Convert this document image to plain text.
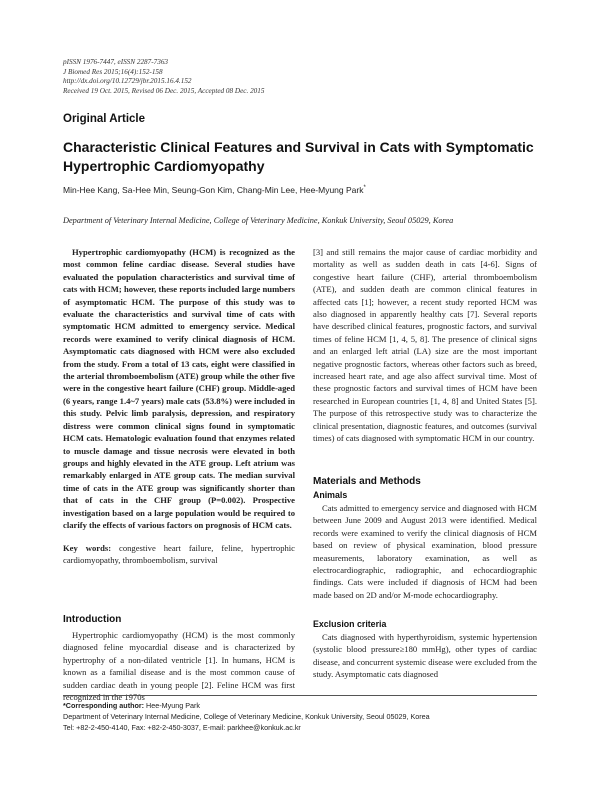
pISSN 1976-7447, eISSN 2287-7363
J Biomed Res 2015;16(4):152-158
http://dx.doi.org/10.12729/jbr.2015.16.4.152
Received 19 Oct. 2015, Revised 06 Dec. 2015, Accepted 08 Dec. 2015
Original Article
Characteristic Clinical Features and Survival in Cats with Symptomatic Hypertrophic Cardiomyopathy
Min-Hee Kang, Sa-Hee Min, Seung-Gon Kim, Chang-Min Lee, Hee-Myung Park*
Department of Veterinary Internal Medicine, College of Veterinary Medicine, Konkuk University, Seoul 05029, Korea
Hypertrophic cardiomyopathy (HCM) is recognized as the most common feline cardiac disease. Several studies have evaluated the population characteristics and survival time of cats with HCM; however, these reports included large numbers of asymptomatic HCM. The purpose of this study was to evaluate the characteristics and survival time of cats with symptomatic HCM admitted to emergency service. Medical records were examined to verify clinical diagnosis of HCM. Asymptomatic cats diagnosed with HCM were also excluded from the study. From a total of 13 cats, eight were classified in the arterial thromboembolism (ATE) group while the other five were in the congestive heart failure (CHF) group. Middle-aged (6 years, range 1.4~7 years) male cats (53.8%) were included in this study. Pelvic limb paralysis, depression, and respiratory distress were common clinical signs found in symptomatic HCM cats. Hematologic evaluation found that enzymes related to muscle damage and tissue necrosis were elevated in both groups and highly elevated in the ATE group. Left atrium was remarkably enlarged in ATE group cats. The median survival time of cats in the ATE group was significantly shorter than that of cats in the CHF group (P=0.002). Prospective investigation based on a large population would be required to clarify the effects of various factors on prognosis of HCM cats.
Key words: congestive heart failure, feline, hypertrophic cardiomyopathy, thromboembolism, survival
Introduction
Hypertrophic cardiomyopathy (HCM) is the most commonly diagnosed feline myocardial disease and is characterized by hypertrophy of a non-dilated ventricle [1]. In humans, HCM is known as a familial disease and is the most common cause of sudden cardiac death in young people [2]. Feline HCM was first recognized in the 1970s
[3] and still remains the major cause of cardiac morbidity and mortality as well as sudden death in cats [4-6]. Signs of congestive heart failure (CHF), arterial thromboembolism (ATE), and sudden death are common clinical features in affected cats [1]; however, a recent study reported HCM was also diagnosed in apparently healthy cats [7]. Several reports have described clinical features, prognostic factors, and survival times of feline HCM [1, 4, 5, 8]. The presence of clinical signs and an enlarged left atrial (LA) size are the most important negative prognostic factors, whereas other factors such as breed, increased heart rate, and age also affect survival time. Most of these prognostic factors and survival times of HCM have been researched in European countries [1, 4, 8] and United States [5]. The purpose of this retrospective study was to characterize the clinical presentation, diagnostic features, and outcomes (survival times) of cats diagnosed with symptomatic HCM in our country.
Materials and Methods
Animals
Cats admitted to emergency service and diagnosed with HCM between June 2009 and August 2013 were identified. Medical records were examined to verify the clinical diagnosis of HCM based on review of physical examination, blood pressure measurements, laboratory examination, as well as electrocardiographic, radiographic, and echocardiographic findings. Cats were included if diagnosis of HCM had been made based on 2D and/or M-mode echocardiography.
Exclusion criteria
Cats diagnosed with hyperthyroidism, systemic hypertension (systolic blood pressure≥180 mmHg), other types of cardiac disease, and concurrent systemic disease were excluded from the study. Asymptomatic cats diagnosed
*Corresponding author: Hee-Myung Park
Department of Veterinary Internal Medicine, College of Veterinary Medicine, Konkuk University, Seoul 05029, Korea
Tel: +82-2-450-4140, Fax: +82-2-450-3037, E-mail: parkhee@konkuk.ac.kr
